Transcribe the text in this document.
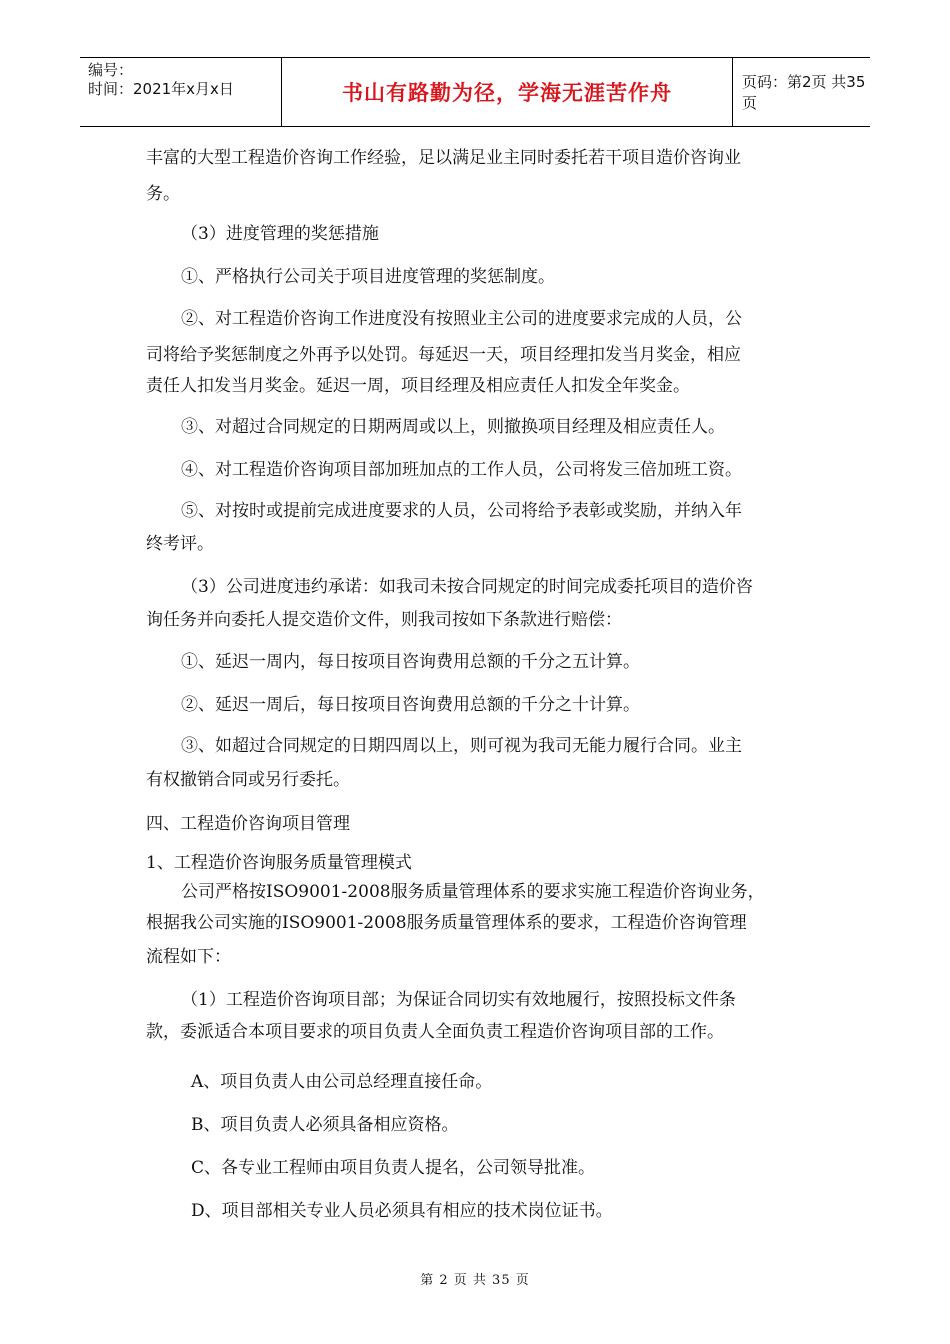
编号：
时间：2021年x月x日	书山有路勤为径，学海无涯苦作舟	页码：第2页 共35页

丰富的大型工程造价咨询工作经验，足以满足业主同时委托若干项目造价咨询业

务。

（3）进度管理的奖惩措施

①、严格执行公司关于项目进度管理的奖惩制度。

②、对工程造价咨询工作进度没有按照业主公司的进度要求完成的人员，公

司将给予奖惩制度之外再予以处罚。每延迟一天，项目经理扣发当月奖金，相应

责任人扣发当月奖金。延迟一周，项目经理及相应责任人扣发全年奖金。

③、对超过合同规定的日期两周或以上，则撤换项目经理及相应责任人。

④、对工程造价咨询项目部加班加点的工作人员，公司将发三倍加班工资。

⑤、对按时或提前完成进度要求的人员，公司将给予表彰或奖励，并纳入年

终考评。

（3）公司进度违约承诺：如我司未按合同规定的时间完成委托项目的造价咨

询任务并向委托人提交造价文件，则我司按如下条款进行赔偿：

①、延迟一周内，每日按项目咨询费用总额的千分之五计算。

②、延迟一周后，每日按项目咨询费用总额的千分之十计算。

③、如超过合同规定的日期四周以上，则可视为我司无能力履行合同。业主

有权撤销合同或另行委托。

四、工程造价咨询项目管理

1、工程造价咨询服务质量管理模式

公司严格按ISO9001-2008服务质量管理体系的要求实施工程造价咨询业务，

根据我公司实施的ISO9001-2008服务质量管理体系的要求，工程造价咨询管理

流程如下：

（1）工程造价咨询项目部；为保证合同切实有效地履行，按照投标文件条

款，委派适合本项目要求的项目负责人全面负责工程造价咨询项目部的工作。

A、项目负责人由公司总经理直接任命。

B、项目负责人必须具备相应资格。

C、各专业工程师由项目负责人提名，公司领导批准。

D、项目部相关专业人员必须具有相应的技术岗位证书。

第 2 页 共 35 页
